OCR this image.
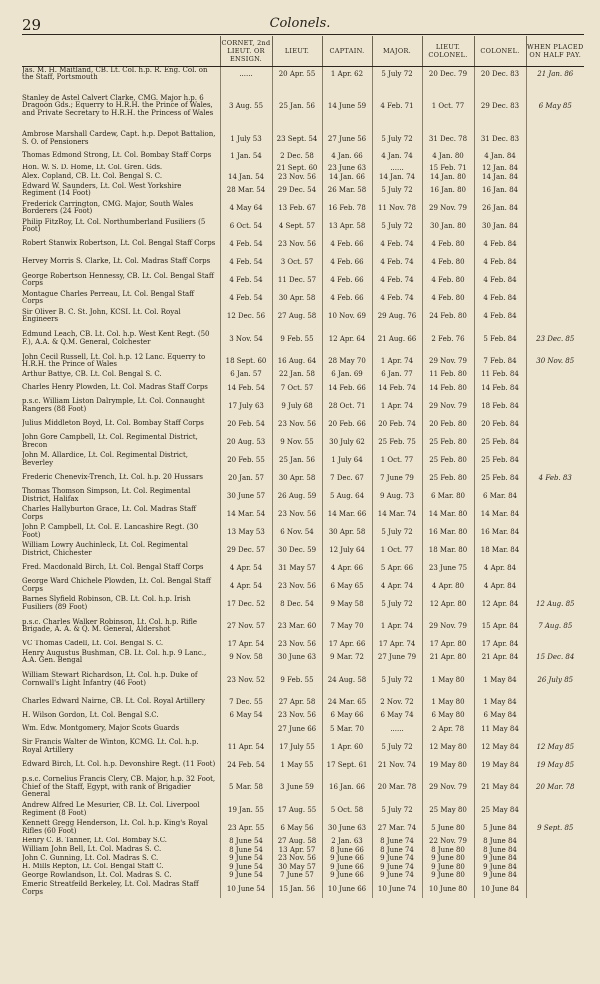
29	Colonels.
	CORNET, 2nd LIEUT. OR ENSIGN.	LIEUT.	CAPTAIN.	MAJOR.	LIEUT. COLONEL.	COLONEL.	WHEN PLACED ON HALF PAY.
Jas. M. H. Maitland, CB. Lt. Col. h.p. R. Eng. Col. on the Staff, Portsmouth	......	20 Apr. 55	1 Apr. 62	5 July 72	20 Dec. 79	20 Dec. 83	21 Jan. 86
Stanley de Astel Calvert Clarke, CMG. Major h.p. 6 Dragoon Gds.; Equerry to H.R.H. the Prince of Wales, and Private Secretary to H.R.H. the Princess of Wales	3 Aug. 55	25 Jan. 56	14 June 59	4 Feb. 71	1 Oct. 77	29 Dec. 83	6 May 85
Ambrose Marshall Cardew, Capt. h.p. Depot Battalion, S. O. of Pensioners	1 July 53	23 Sept. 54	27 June 56	5 July 72	31 Dec. 78	31 Dec. 83	
Thomas Edmond Strong, Lt. Col. Bombay Staff Corps	1 Jan. 54	2 Dec. 58	4 Jan. 66	4 Jan. 74	4 Jan. 80	4 Jan. 84	
Hon. W. S. D. Home, Lt. Col. Gren. Gds.		21 Sept. 60	23 June 63	......	15 Feb. 71	12 Jan. 84	
Alex. Copland, CB. Lt. Col. Bengal S. C.	14 Jan. 54	23 Nov. 56	14 Jan. 66	14 Jan. 74	14 Jan. 80	14 Jan. 84	
Edward W. Saunders, Lt. Col. West Yorkshire Regiment (14 Foot)	28 Mar. 54	29 Dec. 54	26 Mar. 58	5 July 72	16 Jan. 80	16 Jan. 84	
Frederick Carrington, CMG. Major, South Wales Borderers (24 Foot)	4 May 64	13 Feb. 67	16 Feb. 78	11 Nov. 78	29 Nov. 79	26 Jan. 84	
Philip FitzRoy, Lt. Col. Northumberland Fusiliers (5 Foot)	6 Oct. 54	4 Sept. 57	13 Apr. 58	5 July 72	30 Jan. 80	30 Jan. 84	
Robert Stanwix Robertson, Lt. Col. Bengal Staff Corps	4 Feb. 54	23 Nov. 56	4 Feb. 66	4 Feb. 74	4 Feb. 80	4 Feb. 84	
Hervey Morris S. Clarke, Lt. Col. Madras Staff Corps	4 Feb. 54	3 Oct. 57	4 Feb. 66	4 Feb. 74	4 Feb. 80	4 Feb. 84	
George Robertson Hennessy, CB. Lt. Col. Bengal Staff Corps	4 Feb. 54	11 Dec. 57	4 Feb. 66	4 Feb. 74	4 Feb. 80	4 Feb. 84	
Montague Charles Perreau, Lt. Col. Bengal Staff Corps	4 Feb. 54	30 Apr. 58	4 Feb. 66	4 Feb. 74	4 Feb. 80	4 Feb. 84	
Sir Oliver B. C. St. John, KCSI. Lt. Col. Royal Engineers	12 Dec. 56	27 Aug. 58	10 Nov. 69	29 Aug. 76	24 Feb. 80	4 Feb. 84	
Edmund Leach, CB. Lt. Col. h.p. West Kent Regt. (50 F.), A.A. & Q.M. General, Colchester	3 Nov. 54	9 Feb. 55	12 Apr. 64	21 Aug. 66	2 Feb. 76	5 Feb. 84	23 Dec. 85
John Cecil Russell, Lt. Col. h.p. 12 Lanc. Equerry to H.R.H. the Prince of Wales	18 Sept. 60	16 Aug. 64	28 May 70	1 Apr. 74	29 Nov. 79	7 Feb. 84	30 Nov. 85
Arthur Battye, CB. Lt. Col. Bengal S. C.	6 Jan. 57	22 Jan. 58	6 Jan. 69	6 Jan. 77	11 Feb. 80	11 Feb. 84	
Charles Henry Plowden, Lt. Col. Madras Staff Corps	14 Feb. 54	7 Oct. 57	14 Feb. 66	14 Feb. 74	14 Feb. 80	14 Feb. 84	
p.s.c. William Liston Dalrymple, Lt. Col. Connaught Rangers (88 Foot)	17 July 63	9 July 68	28 Oct. 71	1 Apr. 74	29 Nov. 79	18 Feb. 84	
Julius Middleton Boyd, Lt. Col. Bombay Staff Corps	20 Feb. 54	23 Nov. 56	20 Feb. 66	20 Feb. 74	20 Feb. 80	20 Feb. 84	
John Gore Campbell, Lt. Col. Regimental District, Brecon	20 Aug. 53	9 Nov. 55	30 July 62	25 Feb. 75	25 Feb. 80	25 Feb. 84	
John M. Allardice, Lt. Col. Regimental District, Beverley	20 Feb. 55	25 Jan. 56	1 July 64	1 Oct. 77	25 Feb. 80	25 Feb. 84	
Frederic Chenevix-Trench, Lt. Col. h.p. 20 Hussars	20 Jan. 57	30 Apr. 58	7 Dec. 67	7 June 79	25 Feb. 80	25 Feb. 84	4 Feb. 83
Thomas Thomson Simpson, Lt. Col. Regimental District, Halifax	30 June 57	26 Aug. 59	5 Aug. 64	9 Aug. 73	6 Mar. 80	6 Mar. 84	
Charles Hallyburton Grace, Lt. Col. Madras Staff Corps	14 Mar. 54	23 Nov. 56	14 Mar. 66	14 Mar. 74	14 Mar. 80	14 Mar. 84	
John P. Campbell, Lt. Col. E. Lancashire Regt. (30 Foot)	13 May 53	6 Nov. 54	30 Apr. 58	5 July 72	16 Mar. 80	16 Mar. 84	
William Lowry Auchinleck, Lt. Col. Regimental District, Chichester	29 Dec. 57	30 Dec. 59	12 July 64	1 Oct. 77	18 Mar. 80	18 Mar. 84	
Fred. Macdonald Birch, Lt. Col. Bengal Staff Corps	4 Apr. 54	31 May 57	4 Apr. 66	5 Apr. 66	23 June 75	4 Apr. 84	
George Ward Chichele Plowden, Lt. Col. Bengal Staff Corps	4 Apr. 54	23 Nov. 56	6 May 65	4 Apr. 74	4 Apr. 80	4 Apr. 84	
Barnes Slyfield Robinson, CB. Lt. Col. h.p. Irish Fusiliers (89 Foot)	17 Dec. 52	8 Dec. 54	9 May 58	5 July 72	12 Apr. 80	12 Apr. 84	12 Aug. 85
p.s.c. Charles Walker Robinson, Lt. Col. h.p. Rifle Brigade, A. A. & Q. M. General, Aldershot	27 Nov. 57	23 Mar. 60	7 May 70	1 Apr. 74	29 Nov. 79	15 Apr. 84	7 Aug. 85
VC Thomas Cadell, Lt. Col. Bengal S. C.	17 Apr. 54	23 Nov. 56	17 Apr. 66	17 Apr. 74	17 Apr. 80	17 Apr. 84	
Henry Augustus Bushman, CB. Lt. Col. h.p. 9 Lanc., A.A. Gen. Bengal	9 Nov. 58	30 June 63	9 Mar. 72	27 June 79	21 Apr. 80	21 Apr. 84	15 Dec. 84
William Stewart Richardson, Lt. Col. h.p. Duke of Cornwall's Light Infantry (46 Foot)	23 Nov. 52	9 Feb. 55	24 Aug. 58	5 July 72	1 May 80	1 May 84	26 July 85
Charles Edward Nairne, CB. Lt. Col. Royal Artillery	7 Dec. 55	27 Apr. 58	24 Mar. 65	2 Nov. 72	1 May 80	1 May 84	
H. Wilson Gordon, Lt. Col. Bengal S.C.	6 May 54	23 Nov. 56	6 May 66	6 May 74	6 May 80	6 May 84	
Wm. Edw. Montgomery, Major Scots Guards		27 June 66	5 Mar. 70	......	2 Apr. 78	11 May 84	
Sir Francis Walter de Winton, KCMG. Lt. Col. h.p. Royal Artillery	11 Apr. 54	17 July 55	1 Apr. 60	5 July 72	12 May 80	12 May 84	12 May 85
Edward Birch, Lt. Col. h.p. Devonshire Regt. (11 Foot)	24 Feb. 54	1 May 55	17 Sept. 61	21 Nov. 74	19 May 80	19 May 84	19 May 85
p.s.c. Cornelius Francis Clery, CB. Major, h.p. 32 Foot, Chief of the Staff, Egypt, with rank of Brigadier General	5 Mar. 58	3 June 59	16 Jan. 66	20 Mar. 78	29 Nov. 79	21 May 84	20 Mar. 78
Andrew Alfred Le Mesurier, CB. Lt. Col. Liverpool Regiment (8 Foot)	19 Jan. 55	17 Aug. 55	5 Oct. 58	5 July 72	25 May 80	25 May 84	
Kennett Gregg Henderson, Lt. Col. h.p. King's Royal Rifles (60 Foot)	23 Apr. 55	6 May 56	30 June 63	27 Mar. 74	5 June 80	5 June 84	9 Sept. 85
Henry C. B. Tanner, Lt. Col. Bombay S.C.	8 June 54	27 Aug. 58	2 Jan. 63	8 June 74	22 Nov. 79	8 June 84	
William John Bell, Lt. Col. Madras S. C.	8 June 54	13 Apr. 57	8 June 66	8 June 74	8 June 80	8 June 84	
John C. Gunning, Lt. Col. Madras S. C.	9 June 54	23 Nov. 56	9 June 66	9 June 74	9 June 80	9 June 84	
H. Mills Repton, Lt. Col. Bengal Staff C.	9 June 54	30 May 57	9 June 66	9 June 74	9 June 80	9 June 84	
George Rowlandson, Lt. Col. Madras S. C.	9 June 54	7 June 57	9 June 66	9 June 74	9 June 80	9 June 84	
Emeric Streatfeild Berkeley, Lt. Col. Madras Staff Corps	10 June 54	15 Jan. 56	10 June 66	10 June 74	10 June 80	10 June 84	
